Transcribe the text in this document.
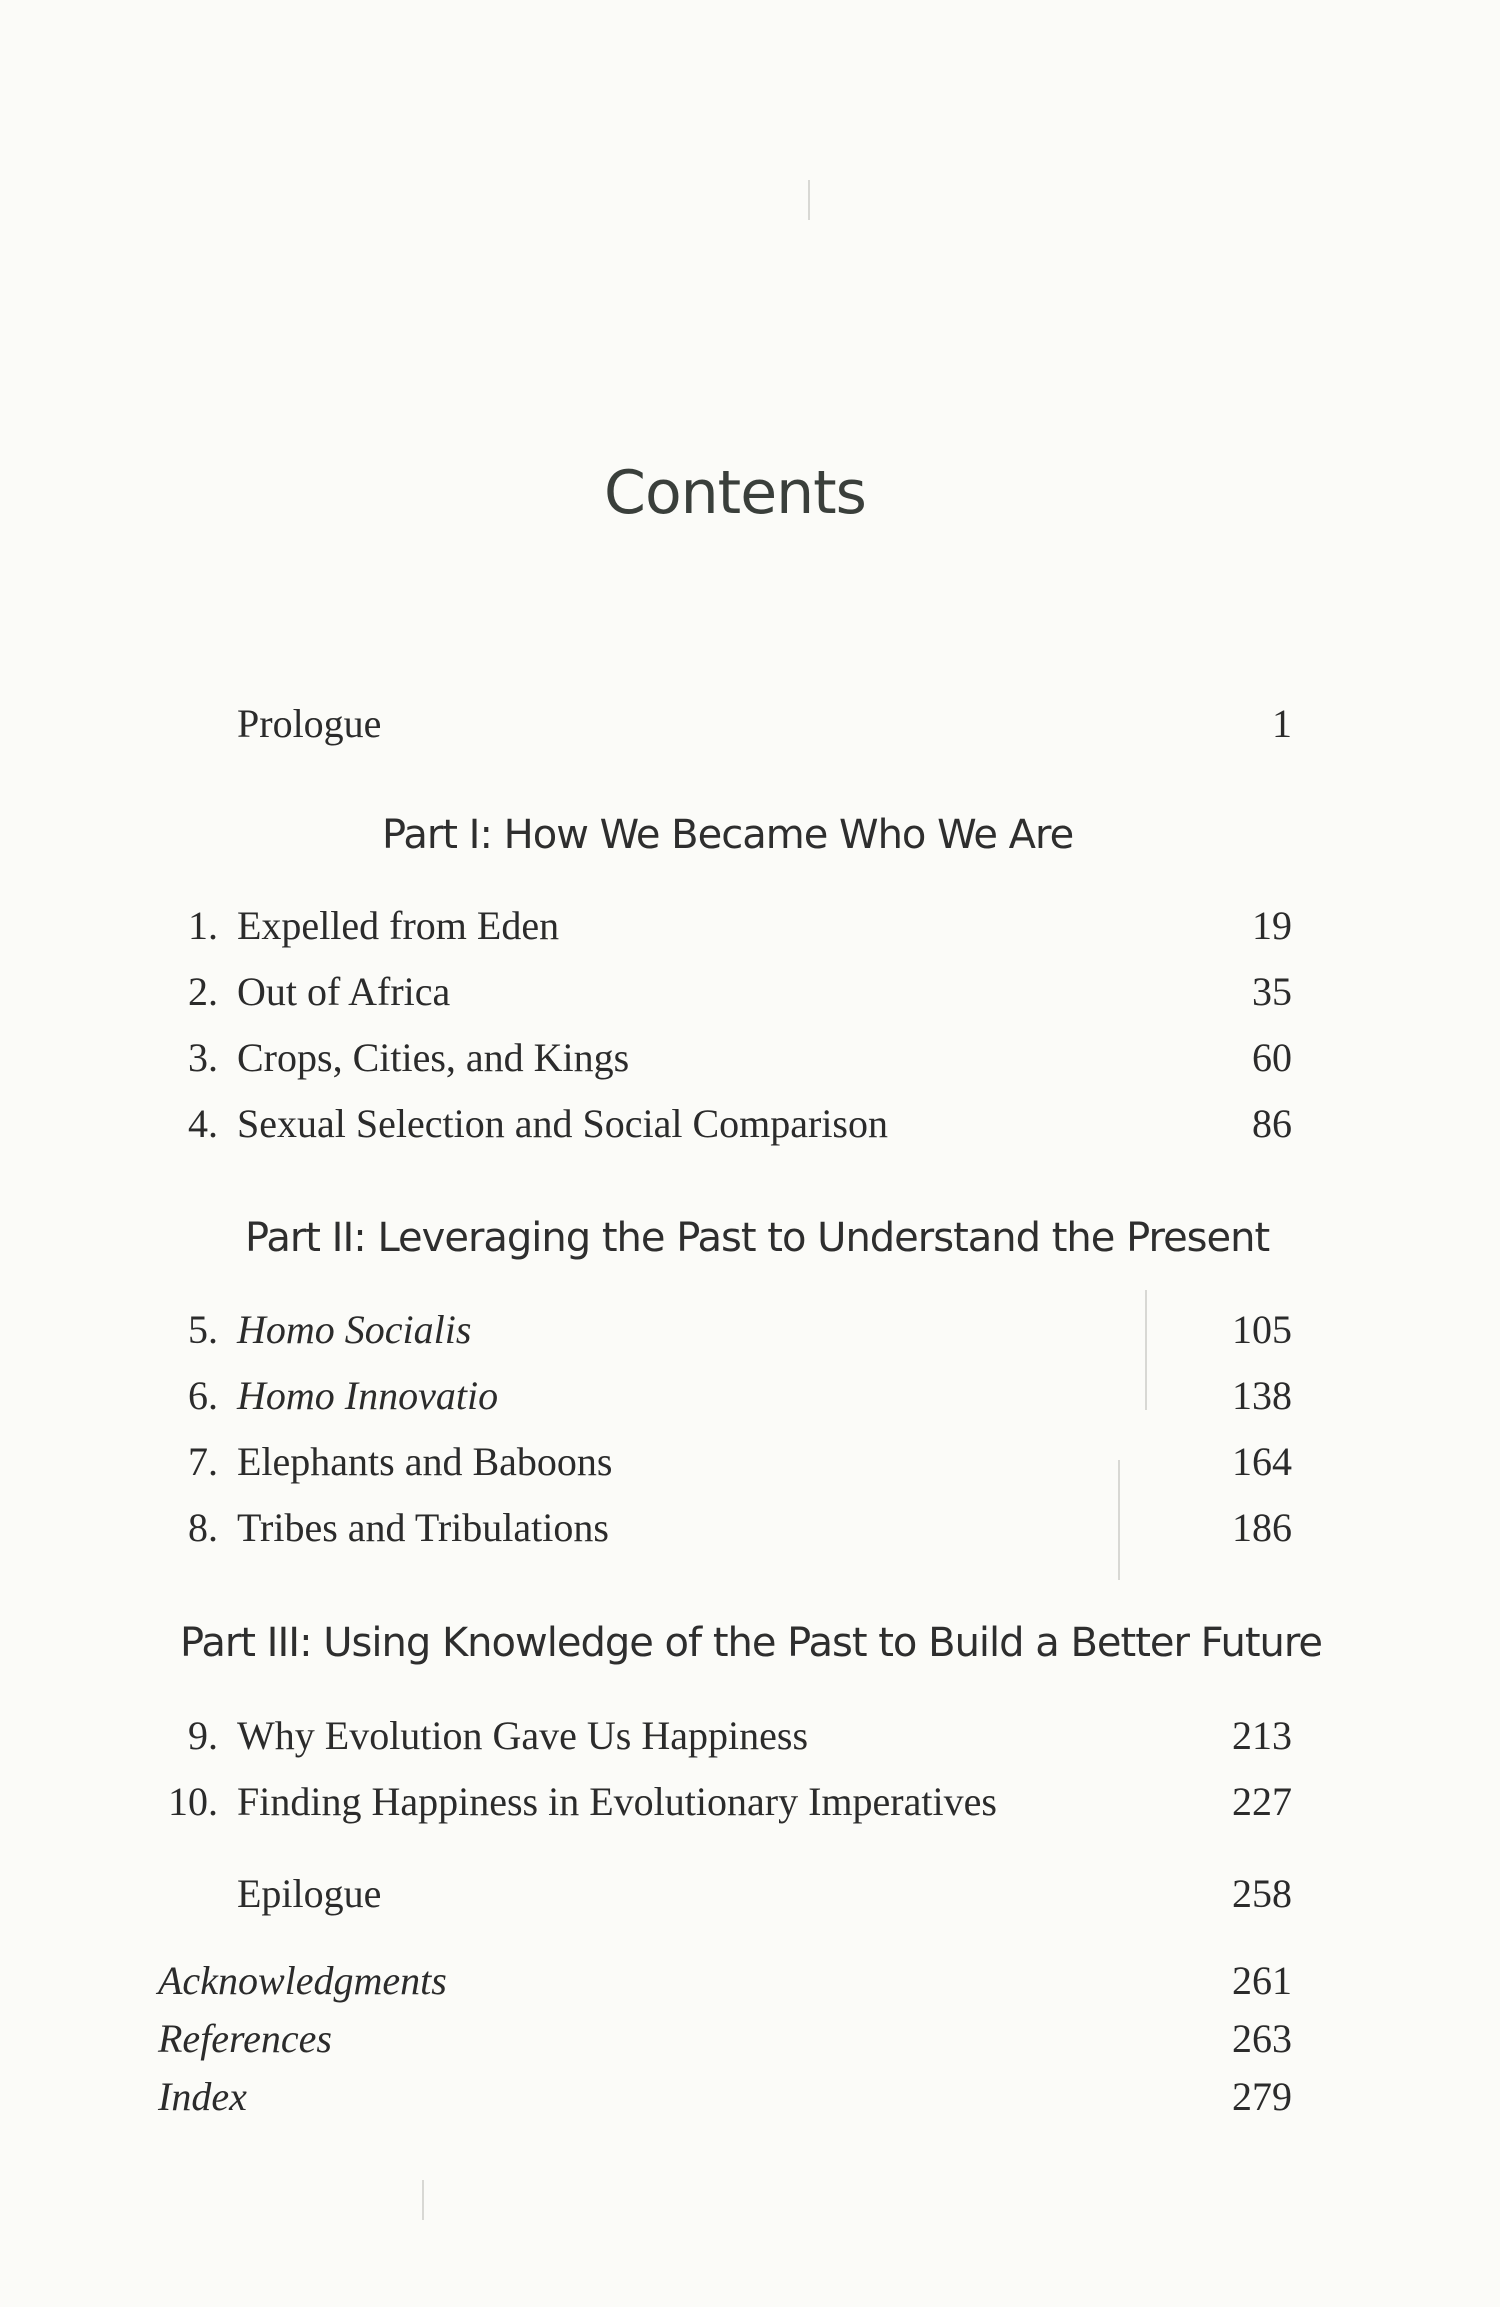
Contents
Prologue	1
Part I: How We Became Who We Are
1. Expelled from Eden	19
2. Out of Africa	35
3. Crops, Cities, and Kings	60
4. Sexual Selection and Social Comparison	86
Part II: Leveraging the Past to Understand the Present
5. Homo Socialis	105
6. Homo Innovatio	138
7. Elephants and Baboons	164
8. Tribes and Tribulations	186
Part III: Using Knowledge of the Past to Build a Better Future
9. Why Evolution Gave Us Happiness	213
10. Finding Happiness in Evolutionary Imperatives	227
Epilogue	258
Acknowledgments	261
References	263
Index	279
